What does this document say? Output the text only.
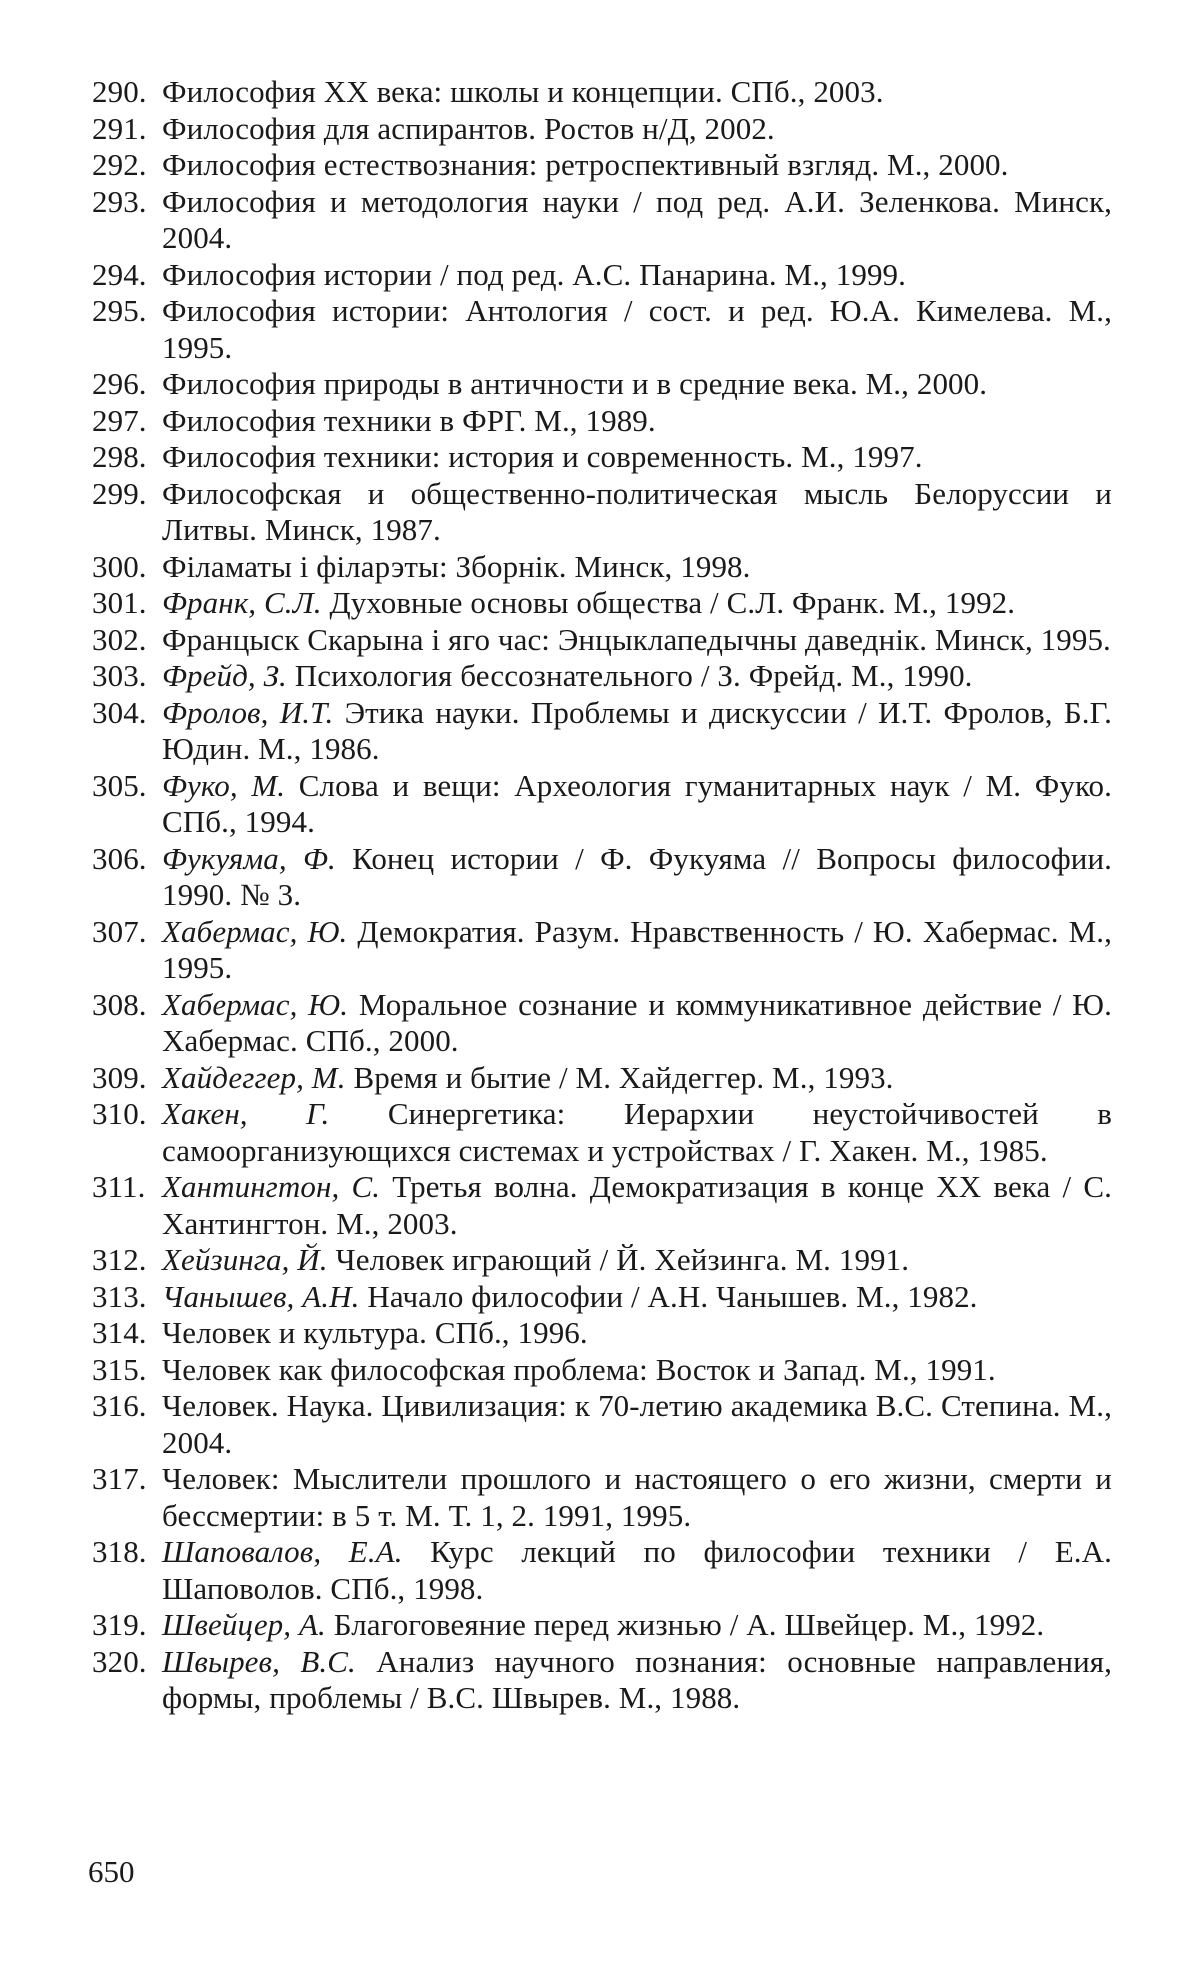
290. Философия XX века: школы и концепции. СПб., 2003.
291. Философия для аспирантов. Ростов н/Д, 2002.
292. Философия естествознания: ретроспективный взгляд. М., 2000.
293. Философия и методология науки / под ред. А.И. Зеленкова. Минск, 2004.
294. Философия истории / под ред. А.С. Панарина. М., 1999.
295. Философия истории: Антология / сост. и ред. Ю.А. Кимелева. М., 1995.
296. Философия природы в античности и в средние века. М., 2000.
297. Философия техники в ФРГ. М., 1989.
298. Философия техники: история и современность. М., 1997.
299. Философская и общественно-политическая мысль Белоруссии и Литвы. Минск, 1987.
300. Філаматы і філарэты: Зборнік. Минск, 1998.
301. Франк, С.Л. Духовные основы общества / С.Л. Франк. М., 1992.
302. Францыск Скарына і яго час: Энцыклапедычны даведнік. Минск, 1995.
303. Фрейд, З. Психология бессознательного / З. Фрейд. М., 1990.
304. Фролов, И.Т. Этика науки. Проблемы и дискуссии / И.Т. Фролов, Б.Г. Юдин. М., 1986.
305. Фуко, М. Слова и вещи: Археология гуманитарных наук / М. Фуко. СПб., 1994.
306. Фукуяма, Ф. Конец истории / Ф. Фукуяма // Вопросы философии. 1990. № 3.
307. Хабермас, Ю. Демократия. Разум. Нравственность / Ю. Хабермас. М., 1995.
308. Хабермас, Ю. Моральное сознание и коммуникативное действие / Ю. Хабермас. СПб., 2000.
309. Хайдеггер, М. Время и бытие / М. Хайдеггер. М., 1993.
310. Хакен, Г. Синергетика: Иерархии неустойчивостей в самоорганизующихся системах и устройствах / Г. Хакен. М., 1985.
311. Хантингтон, С. Третья волна. Демократизация в конце XX века / С. Хантингтон. М., 2003.
312. Хейзинга, Й. Человек играющий / Й. Хейзинга. М. 1991.
313. Чанышев, А.Н. Начало философии / А.Н. Чанышев. М., 1982.
314. Человек и культура. СПб., 1996.
315. Человек как философская проблема: Восток и Запад. М., 1991.
316. Человек. Наука. Цивилизация: к 70-летию академика В.С. Степина. М., 2004.
317. Человек: Мыслители прошлого и настоящего о его жизни, смерти и бессмертии: в 5 т. М. Т. 1, 2. 1991, 1995.
318. Шаповалов, Е.А. Курс лекций по философии техники / Е.А. Шаповолов. СПб., 1998.
319. Швейцер, А. Благоговеяние перед жизнью / А. Швейцер. М., 1992.
320. Швырев, В.С. Анализ научного познания: основные направления, формы, проблемы / В.С. Швырев. М., 1988.
650
